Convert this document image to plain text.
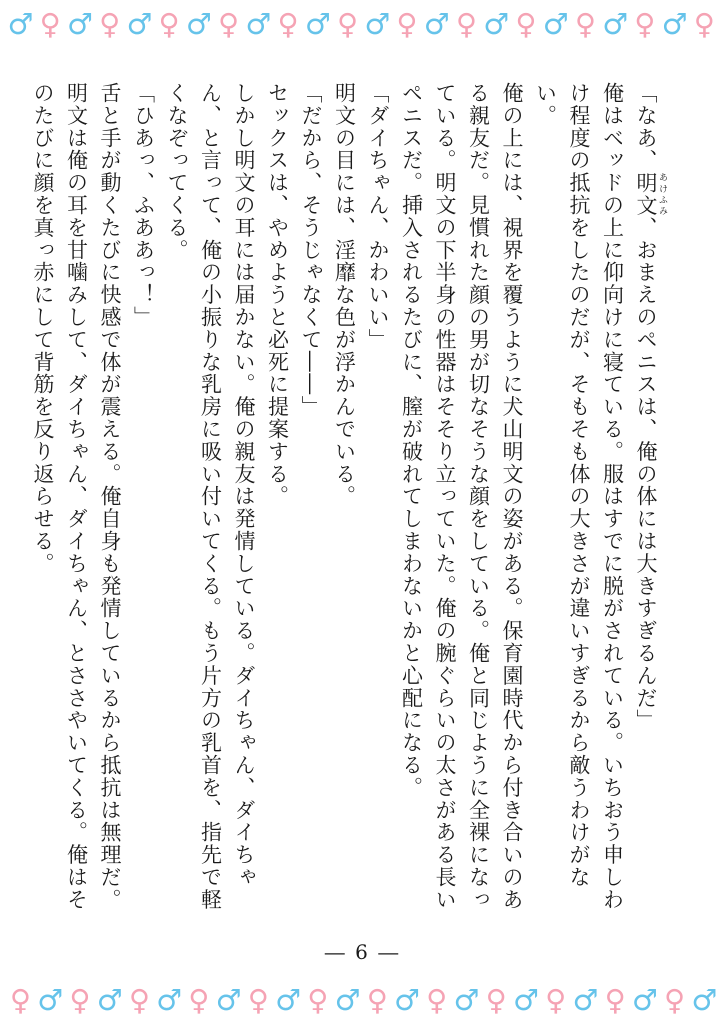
♂ ♀ ♂ ♀ ♂ ♀ ♂ ♀ ♂ ♀ ♂ ♀ ♂ ♀ ♂ ♀ ♂ ♀ ♂ ♀ ♂ ♀ ♂ ♀

「なあ、明文 あけふみ、おまえのペニスは、俺の体には大きすぎるんだ」

俺はベッドの上に仰向けに寝ている。服はすでに脱がされている。いちおう申しわけ程度の抵抗をしたのだが、そもそも体の大きさが違いすぎるから敵うわけがない。

俺の上には、視界を覆うように犬山明文の姿がある。保育園時代から付き合いのある親友だ。見慣れた顔の男が切なそうな顔をしている。俺と同じように全裸になっている。明文の下半身の性器はそそり立っていた。俺の腕ぐらいの太さがある長いペニスだ。挿入されるたびに、膣が破れてしまわないかと心配になる。

「ダイちゃん、かわいい」

明文の目には、淫靡な色が浮かんでいる。

「だから、そうじゃなくて――」

セックスは、やめようと必死に提案する。

しかし明文の耳には届かない。俺の親友は発情している。ダイちゃん、ダイちゃん、と言って、俺の小振りな乳房に吸い付いてくる。もう片方の乳首を、指先で軽くなぞってくる。

「ひあっ、ふああっ！」

舌と手が動くたびに快感で体が震える。俺自身も発情しているから抵抗は無理だ。明文は俺の耳を甘噛みして、ダイちゃん、ダイちゃん、とささやいてくる。俺はそのたびに顔を真っ赤にして背筋を反り返らせる。

― 6 ―
♀ ♂ ♀ ♂ ♀ ♂ ♀ ♂ ♀ ♂ ♀ ♂ ♀ ♂ ♀ ♂ ♀ ♂ ♀ ♂ ♀ ♂ ♀ ♂
